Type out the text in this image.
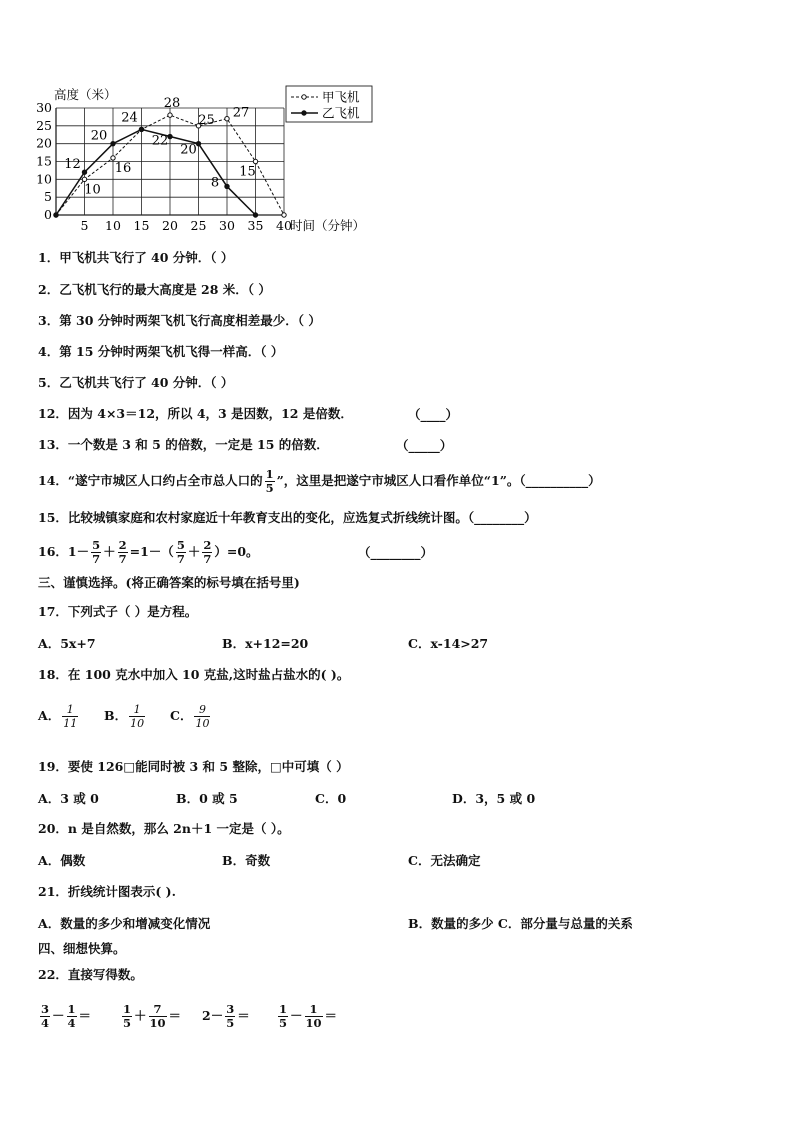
5 10 15 20 25 30 35 40
0
5
10
15
20
25
30
高度（米）
时间（分钟）
10
16
28
25 27
15
12
20
24
22
20
8
甲飞机
乙飞机
1．甲飞机共飞行了 40 分钟．（ ）
2．乙飞机飞行的最大高度是 28 米．（ ）
3．第 30 分钟时两架飞机飞行高度相差最少．（ ）
4．第 15 分钟时两架飞机飞得一样高．（ ）
5．乙飞机共飞行了 40 分钟．（ ）
12．因为 4×3＝12，所以 4，3 是因数，12 是倍数．	（____）
13．一个数是 3 和 5 的倍数，一定是 15 的倍数．	（_____）
14．“遂宁市城区人口约占全市总人口的 $\frac{1}{5}$ ”，这里是把遂宁市城区人口看作单位“1”。（__________）
15．比较城镇家庭和农村家庭近十年教育支出的变化，应选复式折线统计图。（________）
16．$1- \frac{5}{7} + \frac{2}{7} =1-( \frac{5}{7} + \frac{2}{7} )=0$。	（________）
三、谨慎选择。(将正确答案的标号填在括号里)
17．下列式子（ ）是方程。
A．5x+7	B．x+12=20	C．x-14>27
18．在 100 克水中加入 10 克盐,这时盐占盐水的( )。
A． $\frac{1}{11}$ B． $\frac{1}{10}$ C． $\frac{9}{10}$
19．要使 126□能同时被 3 和 5 整除，□中可填（ ）
A．3 或 0	B．0 或 5	C．0	D．3，5 或 0
20．n 是自然数，那么 2n＋1 一定是（ ）。
A．偶数	B．奇数	C．无法确定
21．折线统计图表示( ).
A．数量的多少和增减变化情况	B．数量的多少 C．部分量与总量的关系
四、细想快算。
22．直接写得数。
$\frac{3}{4} - \frac{1}{4}$ ＝	$\frac{1}{5} + \frac{7}{10} = 2- \frac{3}{5} = \frac{1}{5} - \frac{1}{10}$ ＝
